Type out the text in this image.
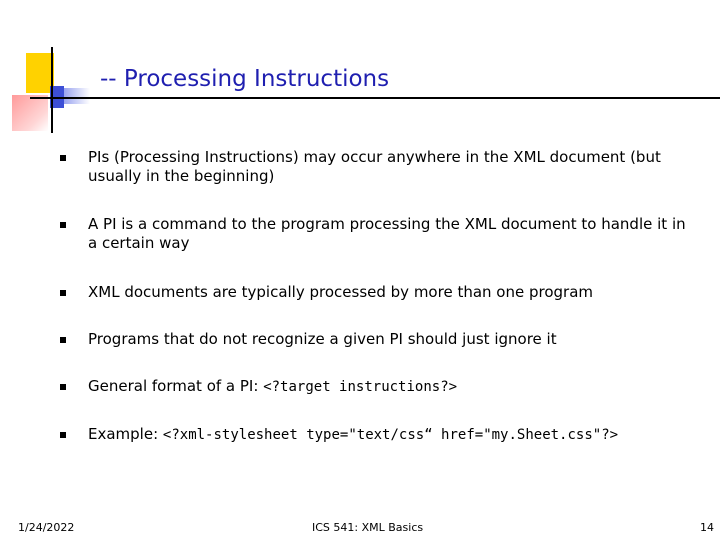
-- Processing Instructions
PIs (Processing Instructions) may occur anywhere in the XML document (but usually in the beginning)
A PI is a command to the program processing the XML document to handle it in a certain way
XML documents are typically processed by more than one program
Programs that do not recognize a given PI should just ignore it
General format of a PI: <?target instructions?>
Example: <?xml-stylesheet type="text/css“ href="my.Sheet.css"?>
1/24/2022	ICS 541: XML Basics	14
